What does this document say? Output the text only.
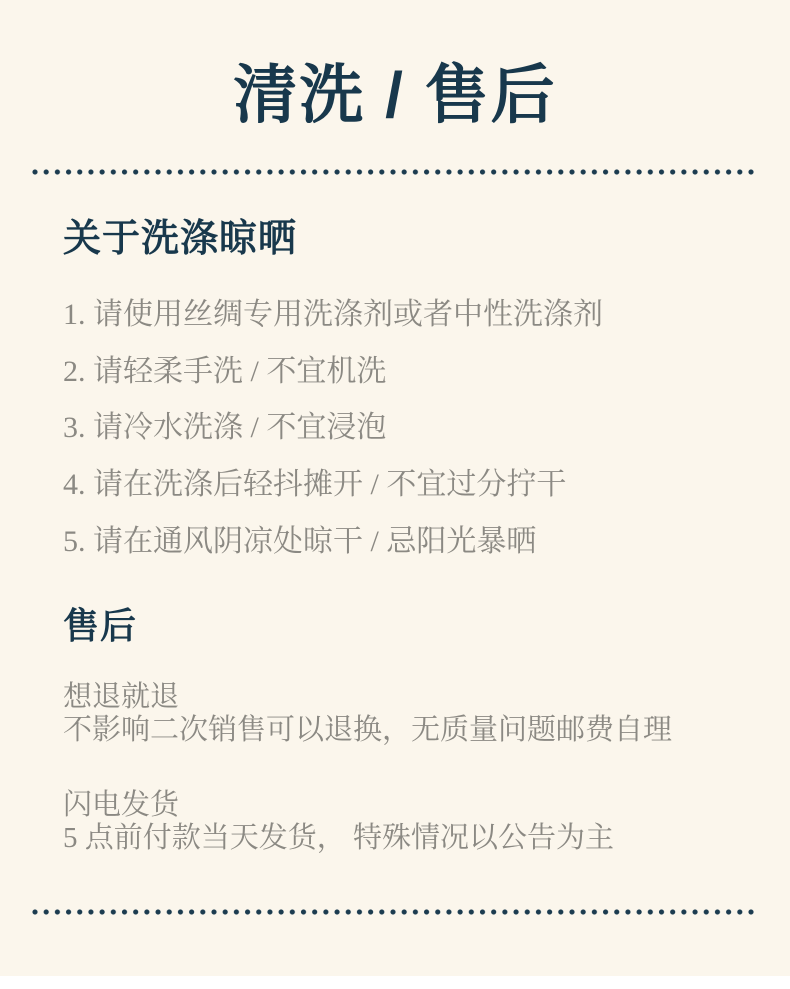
清洗 / 售后
关于洗涤晾晒
1. 请使用丝绸专用洗涤剂或者中性洗涤剂
2. 请轻柔手洗 / 不宜机洗
3. 请冷水洗涤 / 不宜浸泡
4. 请在洗涤后轻抖摊开 / 不宜过分拧干
5. 请在通风阴凉处晾干 / 忌阳光暴晒
售后
想退就退
不影响二次销售可以退换，无质量问题邮费自理
闪电发货
5 点前付款当天发货， 特殊情况以公告为主
